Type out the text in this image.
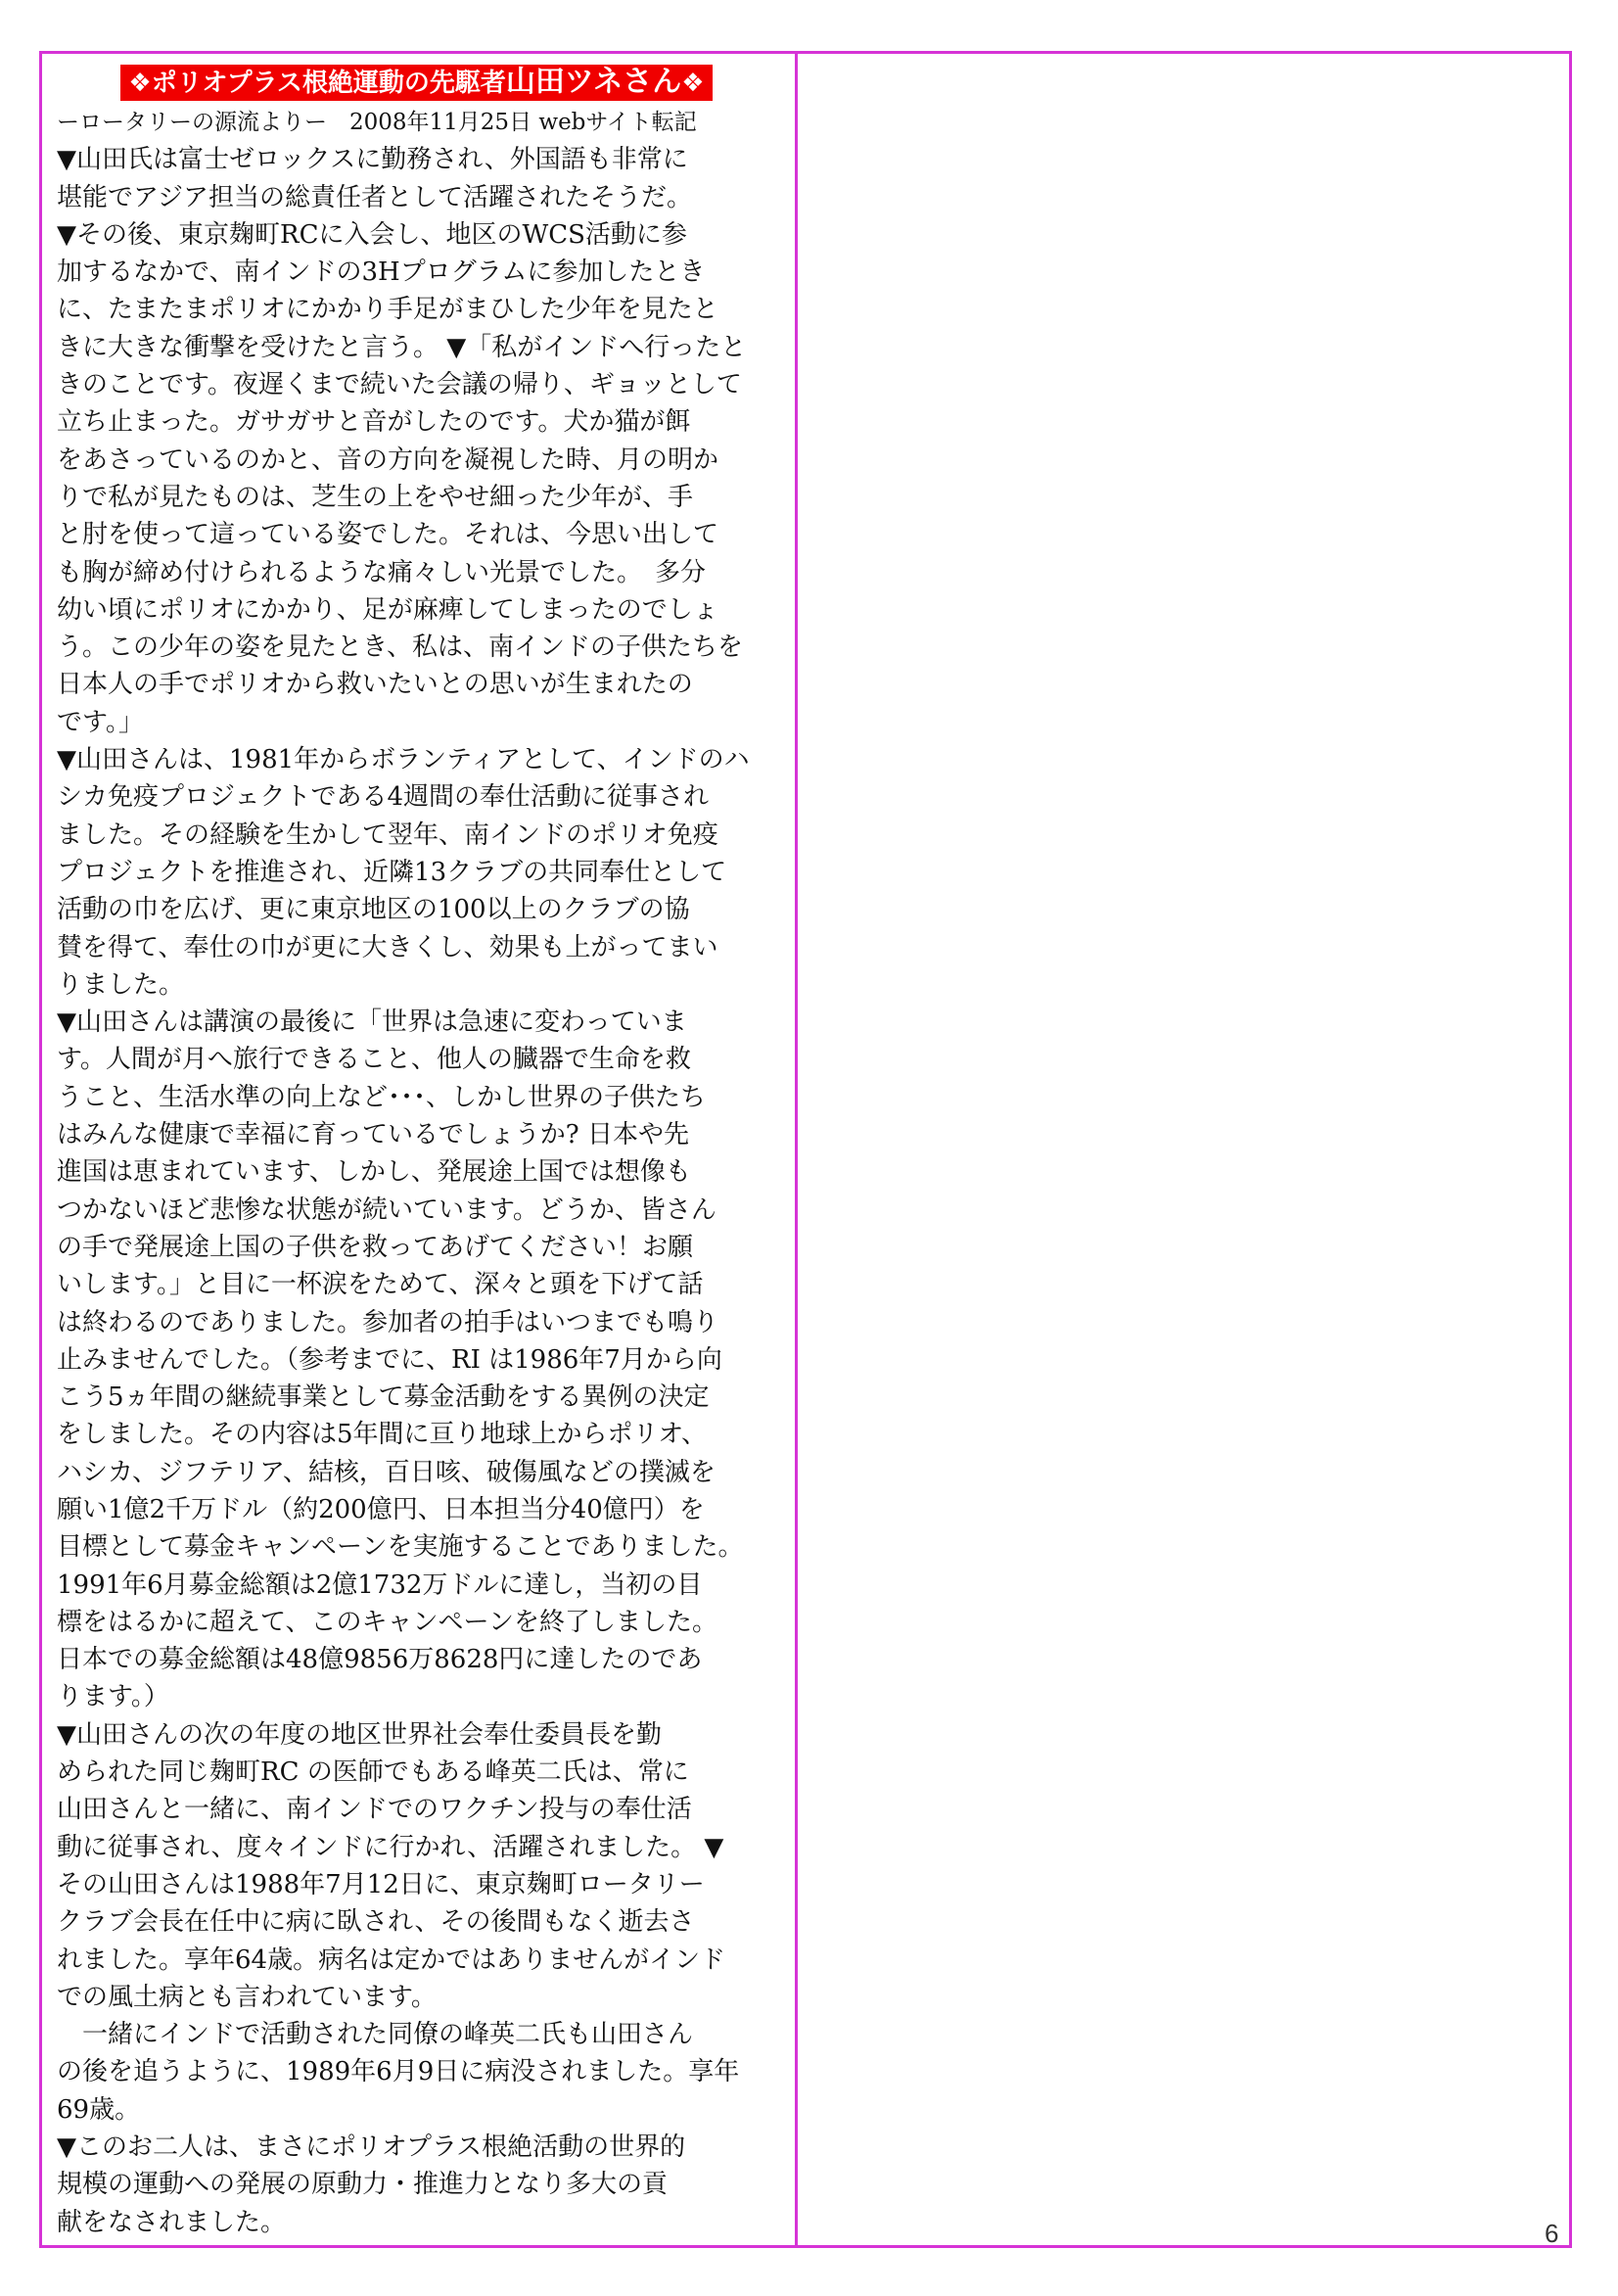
❖ポリオプラス根絶運動の先駆者山田ツネさん❖
ーロータリーの源流よりー　2008年11月25日 webサイト転記

▼山田氏は富士ゼロックスに勤務され、外国語も非常に
堪能でアジア担当の総責任者として活躍されたそうだ。

▼その後、東京麹町RCに入会し、地区のWCS活動に参
加するなかで、南インドの3Hプログラムに参加したとき
に、たまたまポリオにかかり手足がまひした少年を見たと
きに大きな衝撃を受けたと言う。 ▼「私がインドへ行ったと
きのことです。夜遅くまで続いた会議の帰り、ギョッとして
立ち止まった。ガサガサと音がしたのです。犬か猫が餌
をあさっているのかと、音の方向を凝視した時、月の明か
りで私が見たものは、芝生の上をやせ細った少年が、手
と肘を使って這っている姿でした。それは、今思い出して
も胸が締め付けられるような痛々しい光景でした。　多分
幼い頃にポリオにかかり、足が麻痺してしまったのでしょ
う。この少年の姿を見たとき、私は、南インドの子供たちを
日本人の手でポリオから救いたいとの思いが生まれたの
です。」

▼山田さんは、1981年からボランティアとして、インドのハ
シカ免疫プロジェクトである4週間の奉仕活動に従事され
ました。その経験を生かして翌年、南インドのポリオ免疫
プロジェクトを推進され、近隣13クラブの共同奉仕として
活動の巾を広げ、更に東京地区の100以上のクラブの協
賛を得て、奉仕の巾が更に大きくし、効果も上がってまい
りました。

▼山田さんは講演の最後に「世界は急速に変わっていま
す。人間が月へ旅行できること、他人の臓器で生命を救
うこと、生活水準の向上など･･･、しかし世界の子供たち
はみんな健康で幸福に育っているでしょうか? 日本や先
進国は恵まれています、しかし、発展途上国では想像も
つかないほど悲惨な状態が続いています。どうか、皆さん
の手で発展途上国の子供を救ってあげてください！お願
いします。」と目に一杯涙をためて、深々と頭を下げて話
は終わるのでありました。参加者の拍手はいつまでも鳴り
止みませんでした。（参考までに、RI は1986年7月から向
こう5ヵ年間の継続事業として募金活動をする異例の決定
をしました。その内容は5年間に亘り地球上からポリオ、
ハシカ、ジフテリア、結核，百日咳、破傷風などの撲滅を
願い1億2千万ドル（約200億円、日本担当分40億円）を
目標として募金キャンペーンを実施することでありました。
1991年6月募金総額は2億1732万ドルに達し，当初の目
標をはるかに超えて、このキャンペーンを終了しました。
日本での募金総額は48億9856万8628円に達したのであ
ります。）

▼山田さんの次の年度の地区世界社会奉仕委員長を勤
められた同じ麹町RC の医師でもある峰英二氏は、常に
山田さんと一緒に、南インドでのワクチン投与の奉仕活
動に従事され、度々インドに行かれ、活躍されました。 ▼
その山田さんは1988年7月12日に、東京麹町ロータリー
クラブ会長在任中に病に臥され、その後間もなく逝去さ
れました。享年64歳。病名は定かではありませんがインド
での風土病とも言われています。

　一緒にインドで活動された同僚の峰英二氏も山田さん
の後を追うように、1989年6月9日に病没されました。享年
69歳。

▼このお二人は、まさにポリオプラス根絶活動の世界的
規模の運動への発展の原動力・推進力となり多大の貢
献をなされました。	6
